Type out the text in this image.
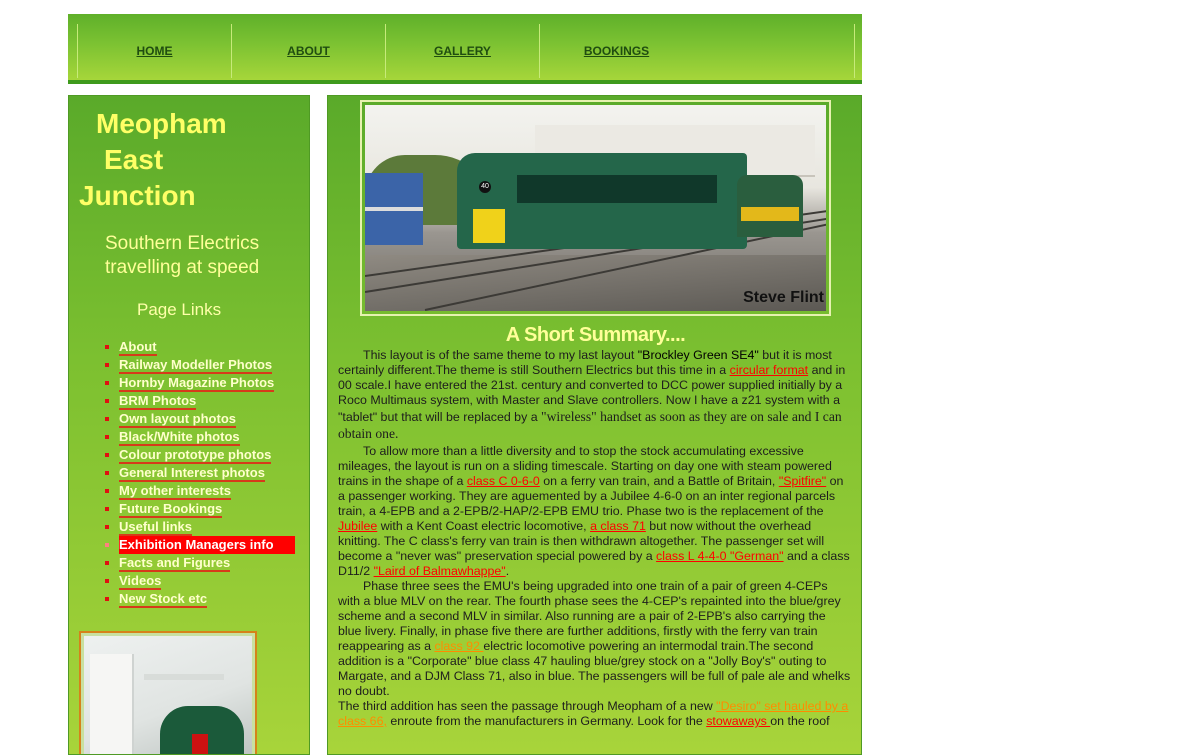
HOME	ABOUT	GALLERY	BOOKINGS
Meopham
East
Junction
Southern Electrics
travelling at speed
Page Links
About
Railway Modeller Photos
Hornby Magazine Photos
BRM Photos
Own layout photos
Black/White photos
Colour prototype photos
General Interest photos
My other interests
Future Bookings
Useful links
Exhibition Managers info
Facts and Figures
Videos
New Stock etc
40
Steve Flint
A Short Summary....

This layout is of the same theme to my last layout "Brockley Green SE4" but it is most certainly different.The theme is still Southern Electrics but this time in a circular format and in 00 scale.I have entered the 21st. century and converted to DCC power supplied initially by a Roco Multimaus system, with Master and Slave controllers. Now I have a z21 system with a "tablet" but that will be replaced by a "wireless" handset as soon as they are on sale and I can obtain one.

To allow more than a little diversity and to stop the stock accumulating excessive mileages, the layout is run on a sliding timescale. Starting on day one with steam powered trains in the shape of a class C 0-6-0 on a ferry van train, and a Battle of Britain, "Spitfire" on a passenger working. They are aguemented by a Jubilee 4-6-0 on an inter regional parcels train, a 4-EPB and a 2-EPB/2-HAP/2-EPB EMU trio. Phase two is the replacement of the Jubilee with a Kent Coast electric locomotive, a class 71 but now without the overhead knitting. The C class's ferry van train is then withdrawn altogether. The passenger set will become a "never was" preservation special powered by a class L 4-4-0 "German" and a class D11/2 "Laird of Balmawhappe".

Phase three sees the EMU's being upgraded into one train of a pair of green 4-CEPs with a blue MLV on the rear. The fourth phase sees the 4-CEP's repainted into the blue/grey scheme and a second MLV in similar. Also running are a pair of 2-EPB's also carrying the blue livery. Finally, in phase five there are further additions, firstly with the ferry van train reappearing as a class 92 electric locomotive powering an intermodal train.The second addition is a "Corporate" blue class 47 hauling blue/grey stock on a "Jolly Boy's" outing to Margate, and a DJM Class 71, also in blue. The passengers will be full of pale ale and whelks no doubt.

The third addition has seen the passage through Meopham of a new "Desiro" set hauled by a class 66, enroute from the manufacturers in Germany. Look for the stowaways on the roof
